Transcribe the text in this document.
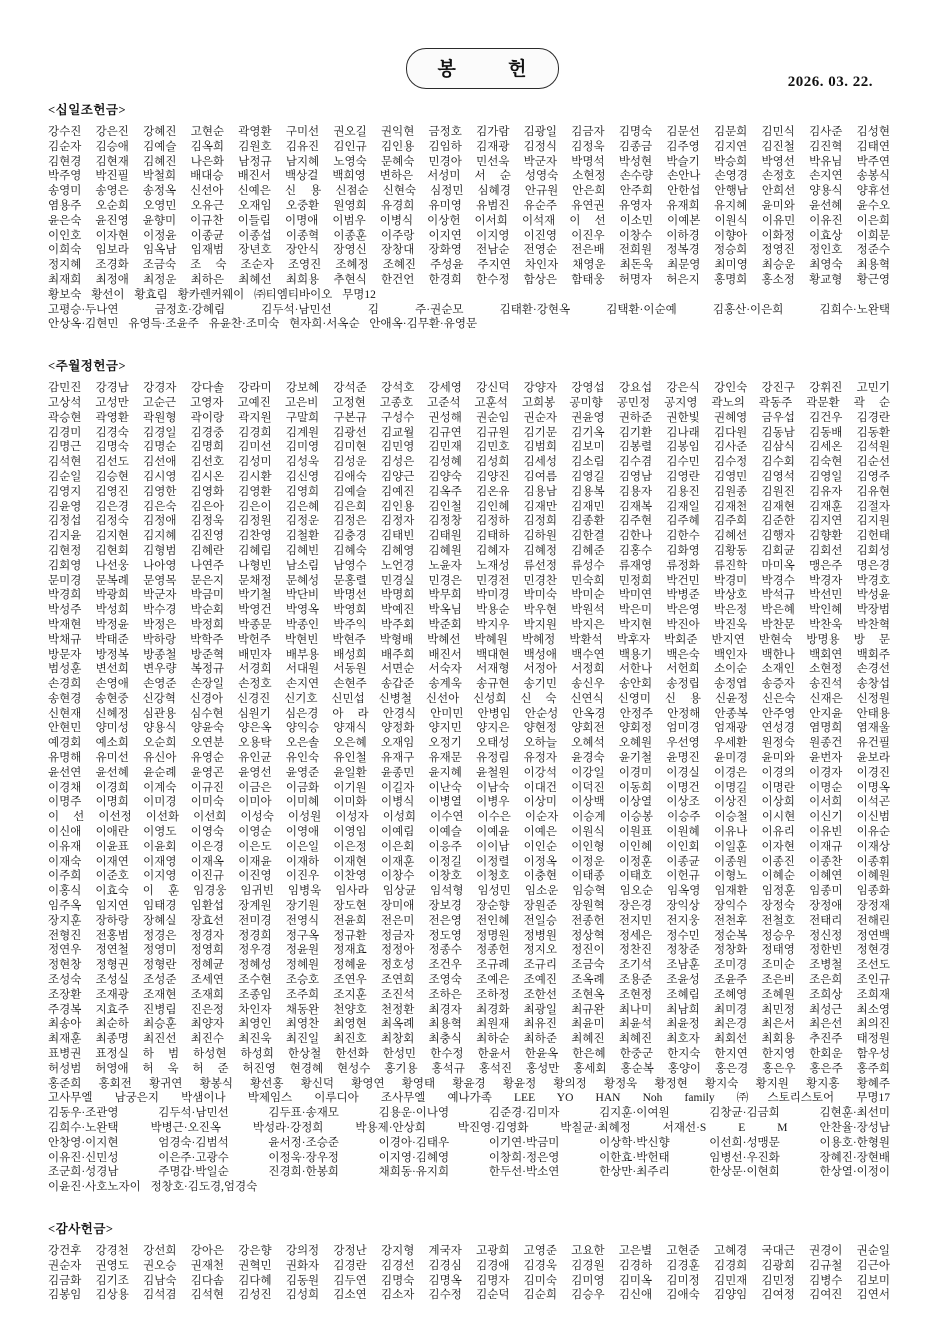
봉 헌
2026. 03. 22.
<십일조헌금>
강수진 강은진 강혜진 고현순 곽영환 구미선 권오길 권익현 금정호 김가람 김광일 김금자 김명숙 김문선 김문희 김민식 김사준 김성현
김순자 김승애 김예슬 김옥희 김원호 김유진 김인규 김인용 김임하 김재광 김정식 김정욱 김종금 김주영 김지연 김진철 김진혁 김태연
김현경 김현재 김혜진 나은화 남정규 남지혜 노영숙 문혜숙 민경아 민선욱 박군자 박명석 박성현 박슬기 박승희 박영선 박유님 박주연
박주영 박진필 박철희 배대승 배진서 백상걸 백희영 변하은 서성미 서 순 성영숙 소현정 손수량 손안나 손영경 손정호 손지연 송봉식
송영미 송영은 송정옥 신선아 신예은 신 용 신점순 신현숙 심정민 심혜경 안규원 안은희 안주희 안한섭 안행남 안희선 양용식 양휴선
염용주 오순희 오영민 오유근 오재임 오중환 원영희 유경희 유미영 유범진 유순주 유연권 유영자 유재희 유지혜 윤미와 윤선혜 윤수오
윤은숙 윤진영 윤향미 이규찬 이들림 이명애 이범우 이병식 이상헌 이서희 이석재 이 선 이소민 이예본 이원식 이유민 이유진 이은희
이인호 이자현 이정윤 이종균 이종섭 이종혁 이종훈 이주랑 이지연 이지영 이진영 이진우 이창수 이하경 이향아 이화정 이효상 이희문
이희숙 임보라 임옥남 임재범 장년호 장안식 장영신 장창대 장화영 전남순 전영순 전은배 전희원 정복경 정승희 정영진 정인호 정준수
정지혜 조경화 조금숙 조 숙 조순자 조영진 조혜정 조혜진 주성윤 주지연 차인자 채영운 최돈욱 최문영 최미영 최승운 최영숙 최용혁
최재희 최정애 최정운 최하은 최혜선 최희용 추현식 한건언 한경희 한수정 함상은 함태웅 허명자 허은지 홍명희 홍소정 황교형 황근영
황보숙 황선이 황효림 황카렌커웨이 ㈜티엠티바이오 무명12
고평승·두나연 금정호·강혜림 김두석·남민선 김 주·권순모 김태환·강현옥 김택환·이순예 김홍산·이은희 김희수·노완택
안상옥·김현민 유영득·조윤주 유윤찬·조미숙 현자희·서옥순 안애옥·김무환·유영문
<주월정헌금>
감민진 강경남 강경자 강다솔 강라미 강보혜 강석준 강석호 강세영 강신덕 강양자 강영섭 강요섭 강은식 강인숙 강진구 강휘진 고민기
고상석 고성만 고순근 고영자 고예진 고은비 고정현 고종호 고준석 고훈석 고희봉 공미향 공민정 공지영 곽노의 곽동주 곽문환 곽 순
곽승현 곽영환 곽원형 곽이랑 곽지원 구말희 구본규 구성수 권성해 권순임 권순자 권윤영 권하준 권한빛 권혜영 금우섭 김건우 김경란
김경미 김경숙 김경일 김경중 김경희 김계원 김광선 김교월 김규연 김규원 김기문 김기옥 김기환 김나래 김다원 김동남 김동배 김동환
김명근 김명숙 김명순 김명희 김미선 김미영 김미현 김민영 김민재 김민호 김범희 김보미 김봉렬 김봉임 김사준 김삼식 김세온 김석원
김석현 김선도 김선애 김선호 김성미 김성욱 김성운 김성은 김성혜 김성희 김세성 김소림 김수겸 김수민 김수정 김수회 김숙현 김순선
김순일 김승현 김시영 김시온 김시환 김신영 김애숙 김양근 김양숙 김양진 김여름 김영길 김영남 김영란 김영민 김영석 김영일 김영주
김영지 김영진 김영한 김영화 김영환 김영희 김예슬 김예진 김옥주 김온유 김용남 김용복 김용자 김용진 김원종 김원진 김유자 김유현
김윤영 김은경 김은숙 김은아 김은이 김은혜 김은희 김인용 김인철 김인혜 김재만 김재민 김재복 김재일 김재천 김재현 김재훈 김절자
김정섭 김정숙 김정애 김정욱 김정원 김정운 김정은 김정자 김정창 김정하 김정희 김종환 김주현 김주혜 김주희 김준한 김지연 김지원
김지윤 김지현 김지혜 김진영 김찬영 김철환 김충경 김태빈 김태원 김태하 김하원 김한결 김한나 김한수 김혜선 김행자 김향환 김헌태
김현정 김현회 김형범 김혜란 김혜림 김혜빈 김혜숙 김혜영 김혜원 김혜자 김혜정 김혜준 김홍수 김화영 김황동 김회균 김회선 김회성
김회영 나선웅 나아영 나연주 나형빈 남소림 남영수 노언경 노윤자 노재성 류선정 류성수 류재영 류정화 류진학 마미옥 맹은주 명은경
문미경 문복례 문영목 문은지 문채정 문혜성 문홍렬 민경실 민경은 민경전 민경찬 민숙희 민정희 박건민 박경미 박경수 박경자 박경호
박경희 박광희 박군자 박금미 박기철 박단비 박명선 박명희 박무희 박미경 박미숙 박미순 박미연 박병준 박상호 박석규 박선민 박성윤
박성주 박성희 박수경 박순회 박영건 박영옥 박영희 박예진 박옥님 박용순 박우현 박원석 박은미 박은영 박은정 박은혜 박인혜 박장범
박재현 박정윤 박정은 박정희 박종문 박종인 박주익 박주회 박준회 박지우 박지원 박지은 박지현 박진아 박진욱 박찬문 박찬욱 박찬혁
박채규 박태준 박하랑 박학주 박헌주 박현빈 박현주 박형배 박혜선 박혜원 박혜정 박환석 박후자 박회준 반지연 반현숙 방명용 방 문
방문자 방정복 방종철 방준혁 배민자 배부용 배성희 배주희 배진서 백대현 백성애 백수연 백용기 백은숙 백인자 백한나 백회연 백회주
범성훈 변선희 변우량 복정규 서경희 서대원 서동원 서면순 서숙자 서재형 서정아 서정희 서한나 서헌희 소이순 소재인 소현정 손경선
손경희 손영애 손영준 손장일 손정호 손지연 손현주 송갑준 송계욱 송규현 송기민 송신우 송안회 송정립 송정엽 송증자 송진석 송창섭
송현경 송현중 신강혁 신경아 신경진 신기호 신민섭 신병철 신선아 신성희 신 숙 신연식 신영미 신 용 신윤정 신은숙 신재은 신정원
신현재 신혜정 심관용 심수현 심원기 심은경 아 라 안경식 안미민 안병임 안순성 안옥경 안정주 안정해 안종복 안주영 안지윤 안태용
안현민 양미성 양용식 양윤숙 양은옥 양익승 양재식 양정화 양지민 양지은 양현정 양회전 양회정 엄미경 엄재광 연성경 염명희 염재울
예경회 예소희 오순희 오연분 오용탁 오은솔 오은혜 오재임 오정기 오태성 오하늘 오혜석 오혜원 우선영 우세환 원정숙 원종건 유건필
유명해 유미선 유신아 유영순 유인균 유인숙 유인철 유재구 유재문 유정림 유정자 윤경숙 윤기철 윤명진 윤미경 윤미와 윤번자 윤보라
윤선연 윤선혜 윤순례 윤영곤 윤영선 윤영준 윤일환 윤종민 윤지혜 윤철원 이강석 이강일 이경미 이경실 이경은 이경의 이경자 이경진
이경채 이경희 이계숙 이규진 이금은 이금화 이기원 이길자 이난숙 이남숙 이대건 이덕진 이동희 이명건 이명길 이명란 이명순 이명옥
이명주 이명희 이미경 이미숙 이미아 이미혜 이미화 이병식 이병열 이병우 이상미 이상백 이상열 이상조 이상진 이상희 이서희 이석곤
이 선 이선정 이선화 이선희 이성숙 이성원 이성자 이성희 이수연 이수은 이순자 이승계 이승봉 이승주 이승철 이시현 이신기 이신범
이신애 이애란 이영도 이영숙 이영순 이영애 이영임 이예림 이예슬 이예윤 이예은 이원식 이원표 이원혜 이유나 이유리 이유빈 이유순
이유재 이윤표 이윤회 이은경 이은도 이은일 이은정 이은회 이응주 이이남 이인순 이인형 이인혜 이인회 이일훈 이자현 이재규 이재상
이재숙 이재연 이재영 이재옥 이재윤 이재하 이재현 이재훈 이정길 이정렬 이정옥 이정운 이정훈 이종균 이종원 이종진 이종찬 이종휘
이주희 이준호 이지영 이진규 이진영 이진우 이찬영 이창수 이창호 이청호 이충현 이태종 이태호 이헌규 이형노 이혜순 이혜연 이혜원
이홍식 이효숙 이 훈 임경웅 임귀빈 임병욱 임사라 임상균 임석형 임성민 임소운 임승혁 임오순 임옥영 임재환 임정훈 임종미 임종화
임주옥 임지연 임태경 임환섭 장계원 장기원 장도현 장미애 장보경 장순향 장원준 장원혁 장은경 장익상 장익수 장정숙 장정애 장정재
장지훈 장하랑 장혜실 장효선 전미경 전영식 전윤희 전은미 전은영 전인혜 전일승 전종헌 전지민 전지웅 전천후 전철호 전태리 전해린
전형진 전홍범 정경은 정경자 정경희 정구옥 정규환 정금자 정도영 정명원 정병원 정상혁 정세은 정수민 정순복 정승우 정신정 정연백
정연우 정연철 정영미 정영희 정우경 정윤원 정재효 정정아 정종수 정종헌 정지오 정진이 정찬진 정창준 정창화 정태영 정한빈 정현경
정현창 정형권 정형란 정혜균 정혜성 정혜원 정혜윤 정호성 조건우 조규례 조규리 조금숙 조기석 조남훈 조미경 조미순 조병철 조선도
조성숙 조성실 조성준 조세연 조수현 조승호 조연우 조연희 조영숙 조예은 조예진 조옥례 조용준 조윤성 조윤주 조은비 조은희 조인규
조장환 조재광 조재현 조재희 조종임 조주희 조지훈 조진석 조하은 조하정 조한선 조현옥 조현정 조혜림 조혜영 조혜원 조희상 조희재
주경복 지효주 진병림 진은정 차인자 채동완 천양호 천정환 최경자 최경화 최광일 최규완 최나미 최남희 최미경 최민정 최성근 최소영
최송아 최순하 최승훈 최양자 최영인 최영찬 최영현 최옥례 최용혁 최원재 최유진 최윤미 최윤석 최윤정 최은경 최은서 최은선 최의진
최재훈 최종명 최진선 최진수 최진욱 최진일 최진호 최창회 최충식 최하순 최하준 최혜진 최혜진 최호자 최회선 최회용 추진주 태정원
표병권 표정실 하 범 하성현 하성희 한상철 한선화 한성민 한수정 한윤서 한윤옥 한은혜 한중군 한지숙 한지연 한지영 한회운 함우성
허성범 허영애 허 욱 허 준 허진영 현경혜 현성수 홍기용 홍석규 홍석진 홍성만 홍세회 홍순복 홍양이 홍은경 홍은우 홍은주 홍주희
홍준희 홍회전 황귀연 황봉식 황선홍 황신덕 황영연 황영태 황윤경 황윤정 황의정 황정욱 황정현 황지숙 황지원 황지홍 황혜주
고사무엘 남궁은지 박샘이나 박제임스 이루디아 조사무엘 예나가족 LEE YO HAN Noh family ㈜스토리스토어 무명17
김동우·조관영 김두석·남민선 김두표·송재모 김용운·이나영 김준경·김미자 김지훈·이여원 김창균·김금희 김현훈·최선미
김희수·노완택 박병근·오진옥 박성라·강정희 박용제·안상희 박진영·김영화 박칠균·최혜정 서재선·S E M 안찬율·장성남
안창영·이지현 엄경숙·김범석 윤서정·조승준 이경아·김태우 이기연·박금미 이상학·박신향 이선희·성맹문 이용호·한형원
이유진·신민성 이은주·고광수 이정욱·장우정 이지영·김혜영 이창희·정은영 이한효·박헌태 임병선·우진화 장혜진·장현배
조군희·성경남 주명갑·박일순 진경희·한봉희 채희동·유지희 한두선·박소연 한상만·최주리 한상문·이현희 한상열·이정이
이윤진·사호노자이 정창호·김도경,엄경숙
<감사헌금>
강건후 강경천 강선희 강아은 강은향 강의정 강정난 강지형 계국자 고광희 고영준 고요한 고은별 고현준 고혜경 국대근 권경이 권순일
권순자 권영도 권오승 권재천 권혁민 권화자 김경란 김경선 김경심 김경애 김경욱 김경원 김경하 김경훈 김경희 김광희 김규철 김근아
김금화 김기조 김남숙 김다솜 김다혜 김동원 김두연 김명숙 김명옥 김명자 김미숙 김미영 김미옥 김미정 김민재 김민정 김병수 김보미
김봉임 김상용 김석겸 김석현 김성진 김성희 김소연 김소자 김수정 김순덕 김순희 김승우 김신애 김애숙 김양임 김여정 김여진 김연서
